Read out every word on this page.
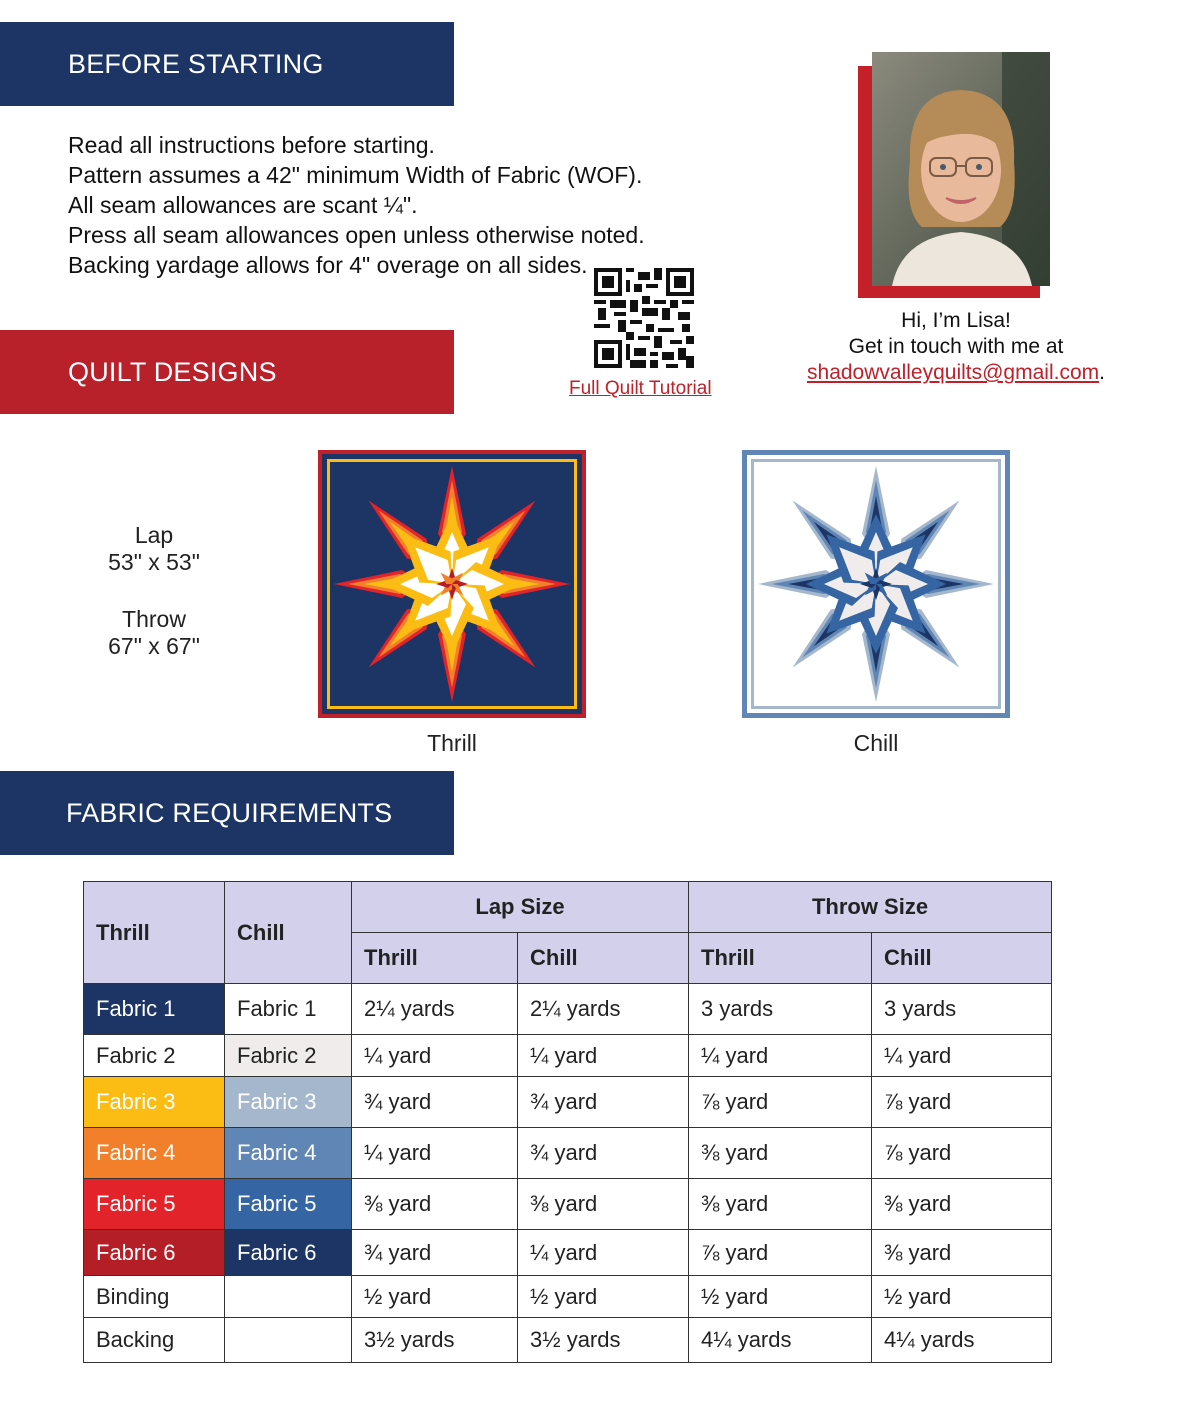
BEFORE STARTING
QUILT DESIGNS
FABRIC REQUIREMENTS
Read all instructions before starting.
Pattern assumes a 42" minimum Width of Fabric (WOF).
All seam allowances are scant ¼".
Press all seam allowances open unless otherwise noted.
Backing yardage allows for 4" overage on all sides.
Full Quilt Tutorial
Hi, I’m Lisa!
Get in touch with me at
shadowvalleyquilts@gmail.com.
Lap
53" x 53"
Throw
67" x 67"
Thrill	Chill
Thrill	Chill	Lap Size		Throw Size	
		Thrill	Chill	Thrill	Chill
Fabric 1	Fabric 1	2¼ yards	2¼ yards	3 yards	3 yards
Fabric 2	Fabric 2	¼ yard	¼ yard	¼ yard	¼ yard
Fabric 3	Fabric 3	¾ yard	¾ yard	⅞ yard	⅞ yard
Fabric 4	Fabric 4	¼ yard	¾ yard	⅜ yard	⅞ yard
Fabric 5	Fabric 5	⅜ yard	⅜ yard	⅜ yard	⅜ yard
Fabric 6	Fabric 6	¾ yard	¼ yard	⅞ yard	⅜ yard
Binding		½ yard	½ yard	½ yard	½ yard
Backing		3½ yards	3½ yards	4¼ yards	4¼ yards
